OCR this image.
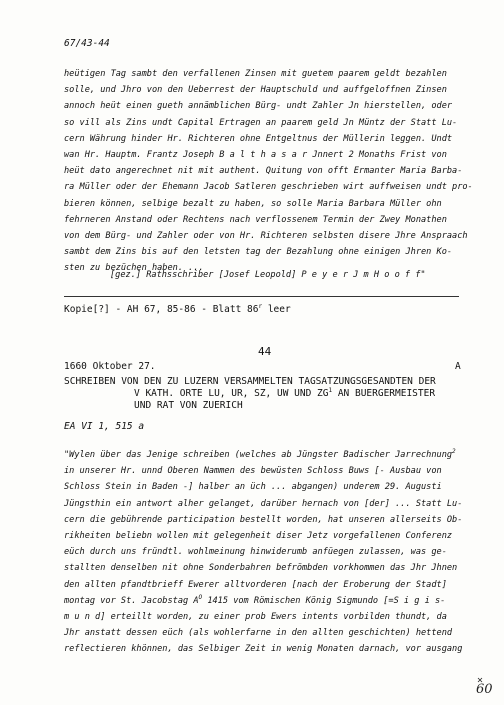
67/43-44
heütigen Tag sambt den verfallenen Zinsen mit guetem paarem geldt bezahlen
solle, und Jhro von den Ueberrest der Hauptschuld und auffgeloffnen Zinsen
annoch heüt einen gueth annämblichen Bürg- undt Zahler Jn hierstellen, oder
so vill als Zins undt Capital Ertragen an paarem geld Jn Müntz der Statt Lu-
cern Währung hinder Hr. Richteren ohne Entgeltnus der Müllerin leggen. Undt
wan Hr. Hauptm. Frantz Joseph B a l t h a s a r Jnnert 2 Monaths Frist von
heüt dato angerechnet nit mit authent. Quitung von offt Ermanter Maria Barba-
ra Müller oder der Ehemann Jacob Satleren geschrieben wirt auffweisen undt pro-
bieren können, selbige bezalt zu haben, so solle Maria Barbara Müller ohn
fehrneren Anstand oder Rechtens nach verflossenem Termin der Zwey Monathen
von dem Bürg- und Zahler oder von Hr. Richteren selbsten disere Jhre Anspraach
sambt dem Zins bis auf den letsten tag der Bezahlung ohne einigen Jhren Ko-
sten zu bezüchen haben. ...
[gez.] Rathsschriber [Josef Leopold] P e y e r J m H o o f f"
Kopie[?] - AH 67, 85-86 - Blatt 86$^r$ leer
44
1660 Oktober 27.	A
SCHREIBEN VON DEN ZU LUZERN VERSAMMELTEN TAGSATZUNGSGESANDTEN DER
V KATH. ORTE LU, UR, SZ, UW UND $ZG^1$ AN BUERGERMEISTER
UND RAT VON ZUERICH
EA VI 1, 515 a
"Wylen über das Jenige schreiben (welches ab Jüngster Badischer Jarrechnung$^2$
in unserer Hr. unnd Oberen Nammen des bewüsten Schloss Buws [- Ausbau von
Schloss Stein in Baden -] halber an üch ... abgangen) underem 29. Augusti
Jüngsthin ein antwort alher gelanget, darüber hernach von [der] ... Statt Lu-
cern die gebührende participation bestellt worden, hat unseren allerseits Ob-
rikheiten beliebn wollen mit gelegenheit diser Jetz vorgefallenen Conferenz
eüch durch uns fründtl. wohlmeinung hinwiderumb anfüegen zulassen, was ge-
stallten denselben nit ohne Sonderbahren befrömbden vorkhommen das Jhr Jhnen
den allten pfandtbrieff Ewerer alltvorderen [nach der Eroberung der Stadt]
montag vor St. Jacobstag $A^O$ 1415 vom Römischen König Sigmundo [=S i g i s-
m u n d] erteillt worden, zu einer prob Ewers intents vorbilden thundt, da
Jhr anstatt dessen eüch (als wohlerfarne in den allten geschichten) hettend
reflectieren khönnen, das Selbiger Zeit in wenig Monaten darnach, vor ausgang
60
